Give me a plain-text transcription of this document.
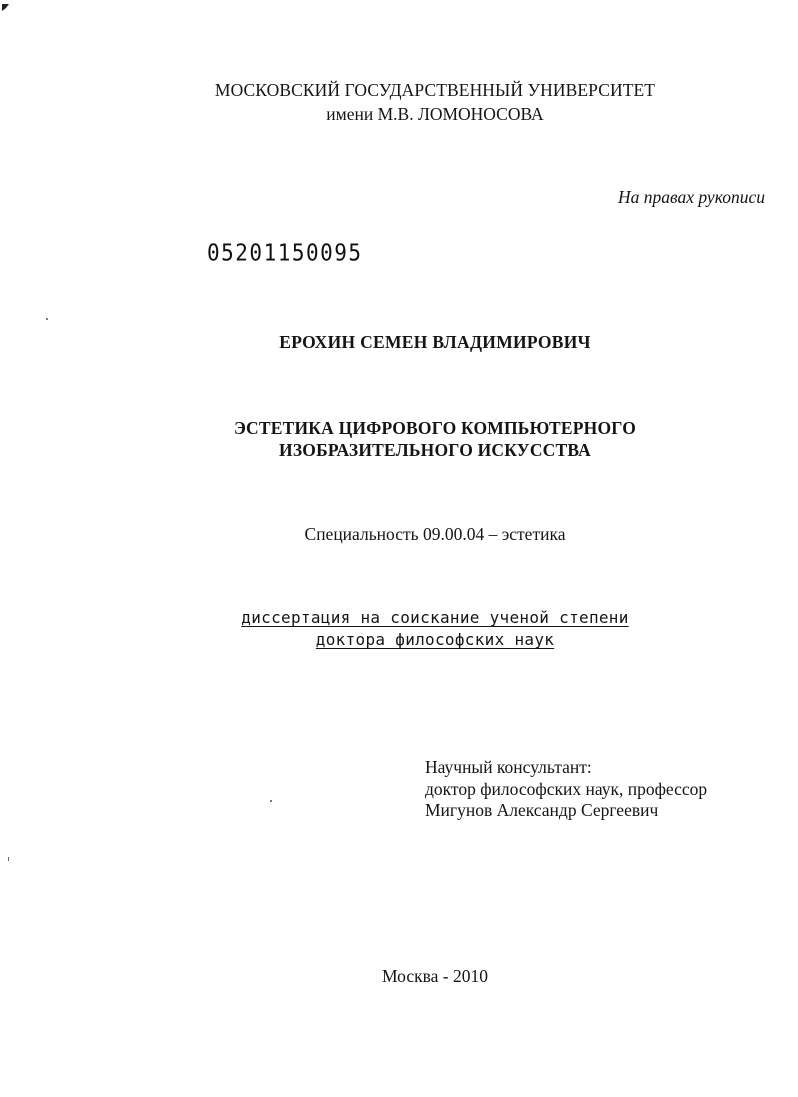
МОСКОВСКИЙ ГОСУДАРСТВЕННЫЙ УНИВЕРСИТЕТ
имени М.В. ЛОМОНОСОВА
На правах рукописи
05201150095
ЕРОХИН СЕМЕН ВЛАДИМИРОВИЧ
ЭСТЕТИКА ЦИФРОВОГО КОМПЬЮТЕРНОГО
ИЗОБРАЗИТЕЛЬНОГО ИСКУССТВА
Специальность 09.00.04 – эстетика
диссертация на соискание ученой степени
доктора философских наук
Научный консультант:
доктор философских наук, профессор
Мигунов Александр Сергеевич
Москва - 2010
